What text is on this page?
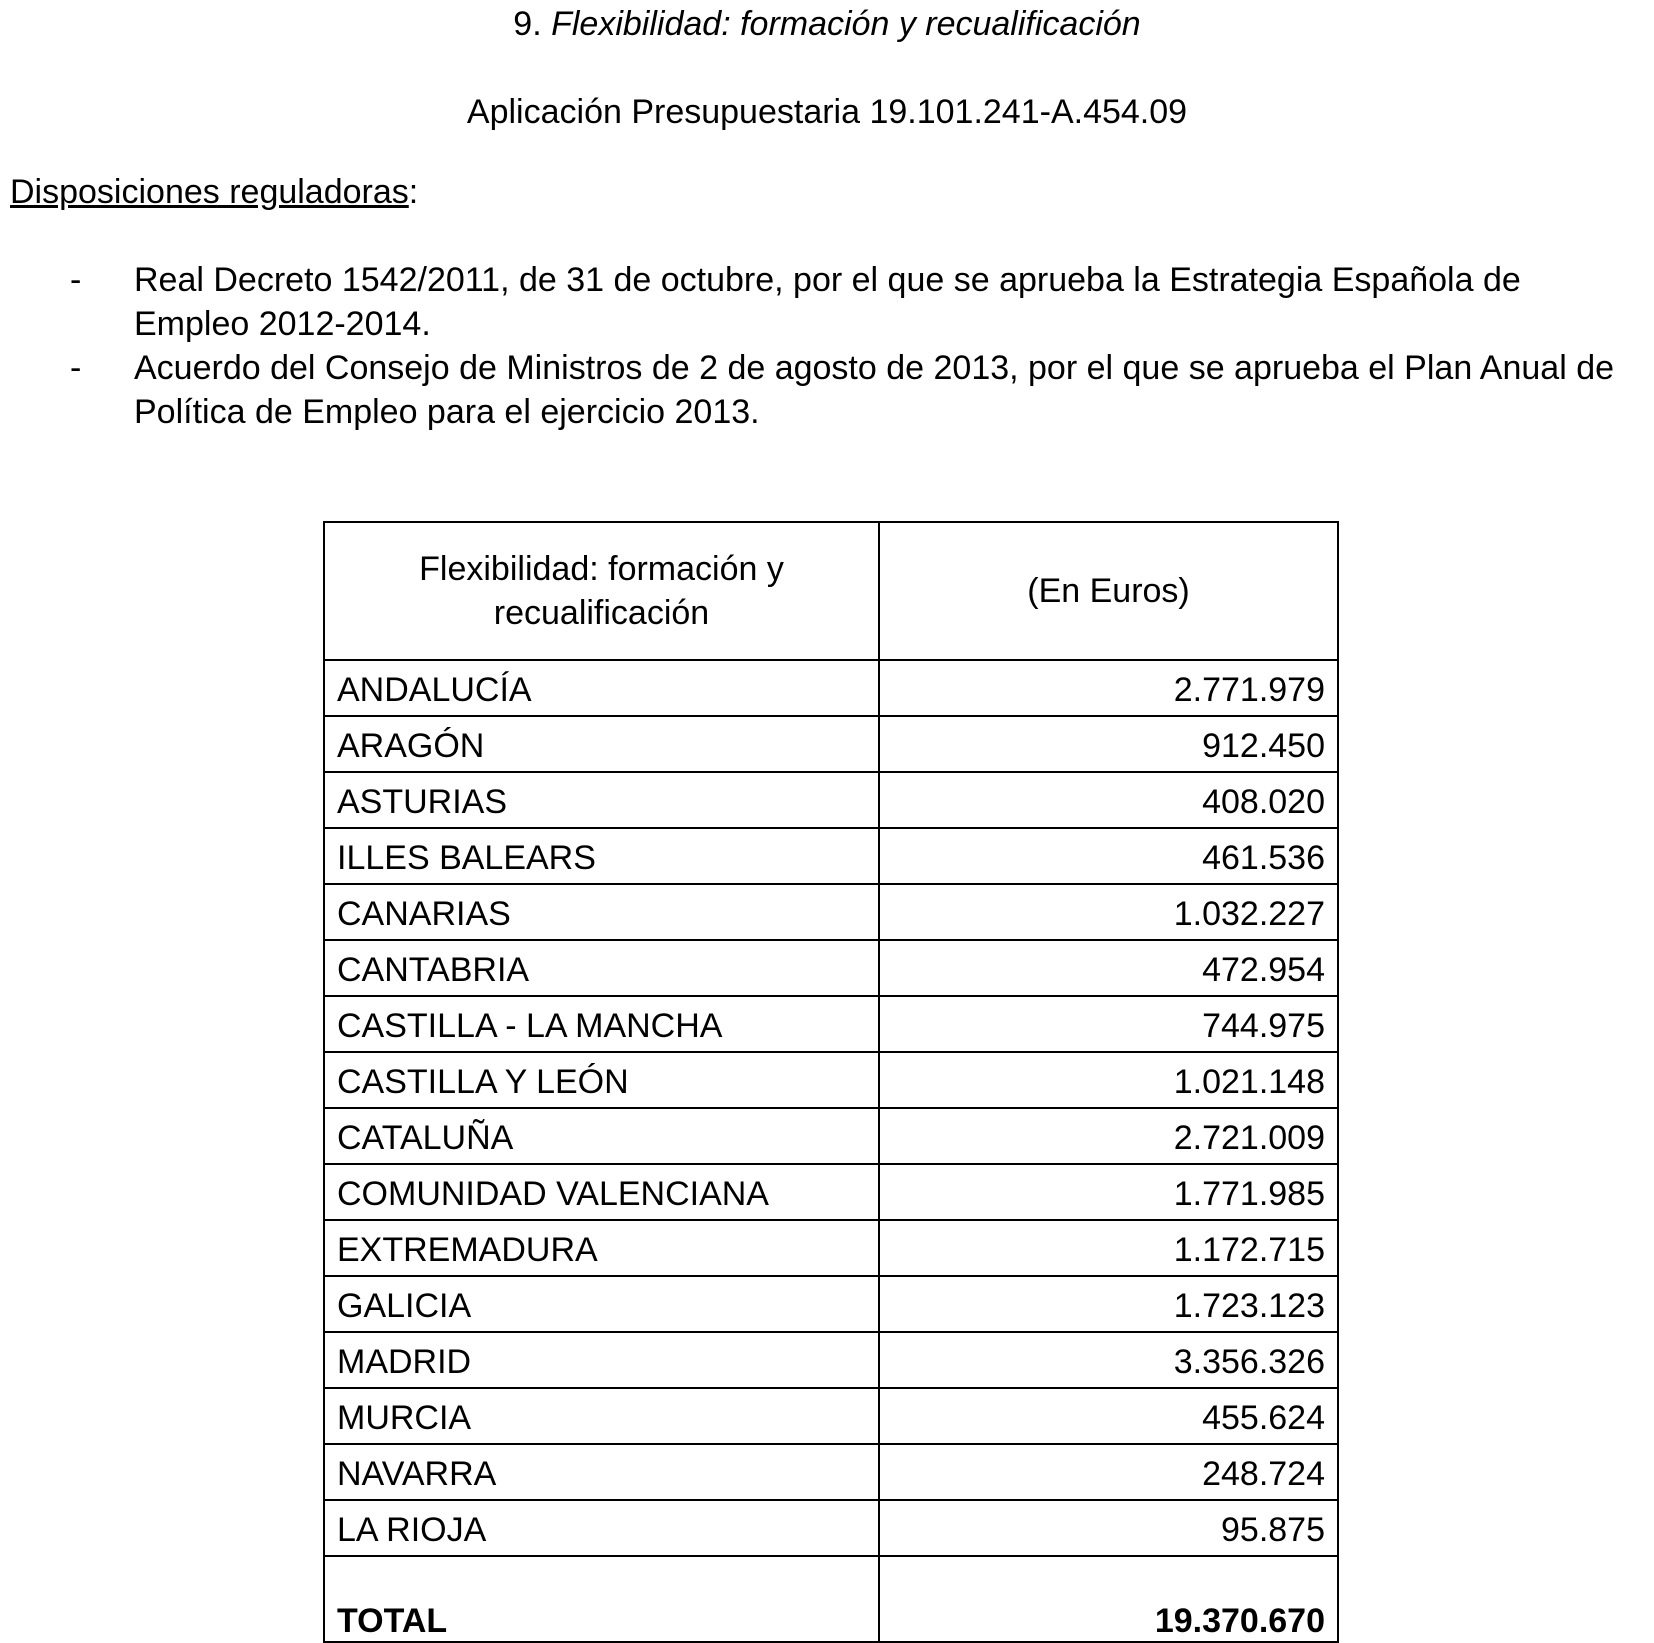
9. Flexibilidad: formación y recualificación
Aplicación Presupuestaria 19.101.241-A.454.09
Disposiciones reguladoras:
- Real Decreto 1542/2011, de 31 de octubre, por el que se aprueba la Estrategia Española de Empleo 2012-2014.
- Acuerdo del Consejo de Ministros de 2 de agosto de 2013, por el que se aprueba el Plan Anual de Política de Empleo para el ejercicio 2013.
Flexibilidad: formación y recualificación	(En Euros)
ANDALUCÍA	2.771.979
ARAGÓN	912.450
ASTURIAS	408.020
ILLES BALEARS	461.536
CANARIAS	1.032.227
CANTABRIA	472.954
CASTILLA - LA MANCHA	744.975
CASTILLA Y LEÓN	1.021.148
CATALUÑA	2.721.009
COMUNIDAD VALENCIANA	1.771.985
EXTREMADURA	1.172.715
GALICIA	1.723.123
MADRID	3.356.326
MURCIA	455.624
NAVARRA	248.724
LA RIOJA	95.875
TOTAL	19.370.670
